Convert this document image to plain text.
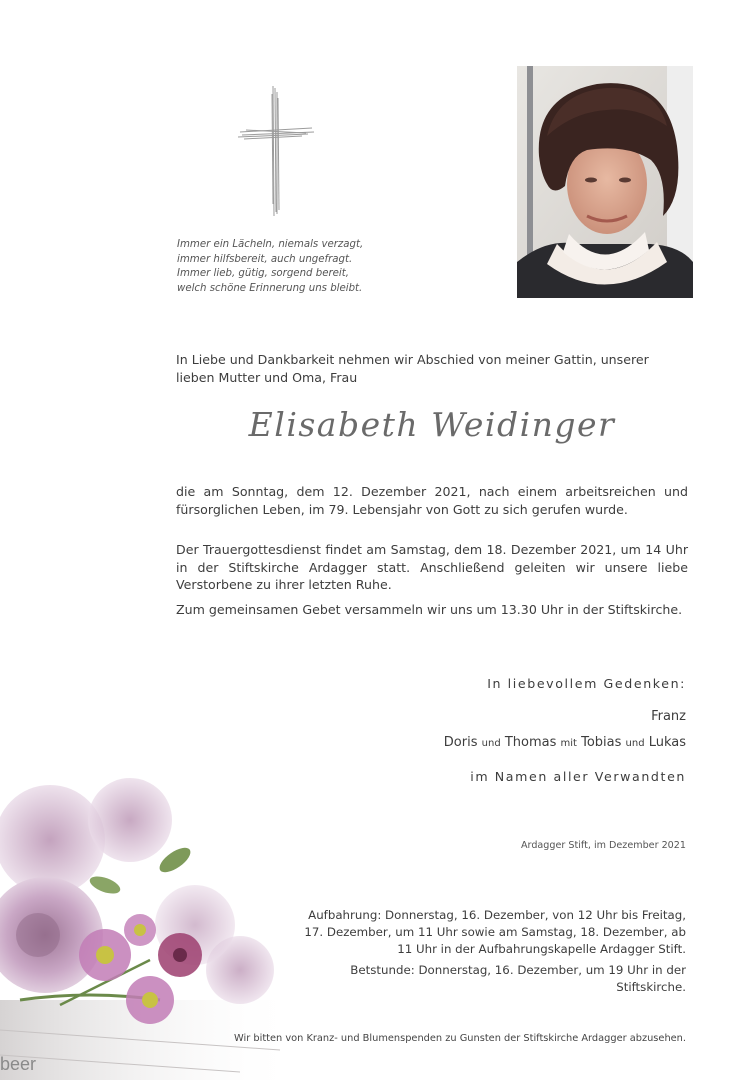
Immer ein Lächeln, niemals verzagt,
immer hilfsbereit, auch ungefragt.
Immer lieb, gütig, sorgend bereit,
welch schöne Erinnerung uns bleibt.
In Liebe und Dankbarkeit nehmen wir Abschied von meiner Gattin, unserer lieben Mutter und Oma, Frau
Elisabeth Weidinger
die am Sonntag, dem 12. Dezember 2021, nach einem arbeitsreichen und fürsorglichen Leben, im 79. Lebensjahr von Gott zu sich gerufen wurde.
Der Trauergottesdienst findet am Samstag, dem 18. Dezember 2021, um 14 Uhr in der Stiftskirche Ardagger statt. Anschließend geleiten wir unsere liebe Verstorbene zu ihrer letzten Ruhe.
Zum gemeinsamen Gebet versammeln wir uns um 13.30 Uhr in der Stiftskirche.
In liebevollem Gedenken:
Franz
Doris und Thomas mit Tobias und Lukas
im Namen aller Verwandten
Ardagger Stift, im Dezember 2021
Aufbahrung: Donnerstag, 16. Dezember, von 12 Uhr bis Freitag, 17. Dezember, um 11 Uhr sowie am Samstag, 18. Dezember, ab 11 Uhr in der Aufbahrungskapelle Ardagger Stift.
Betstunde: Donnerstag, 16. Dezember, um 19 Uhr in der Stiftskirche.
beer
Wir bitten von Kranz- und Blumenspenden zu Gunsten der Stiftskirche Ardagger abzusehen.
